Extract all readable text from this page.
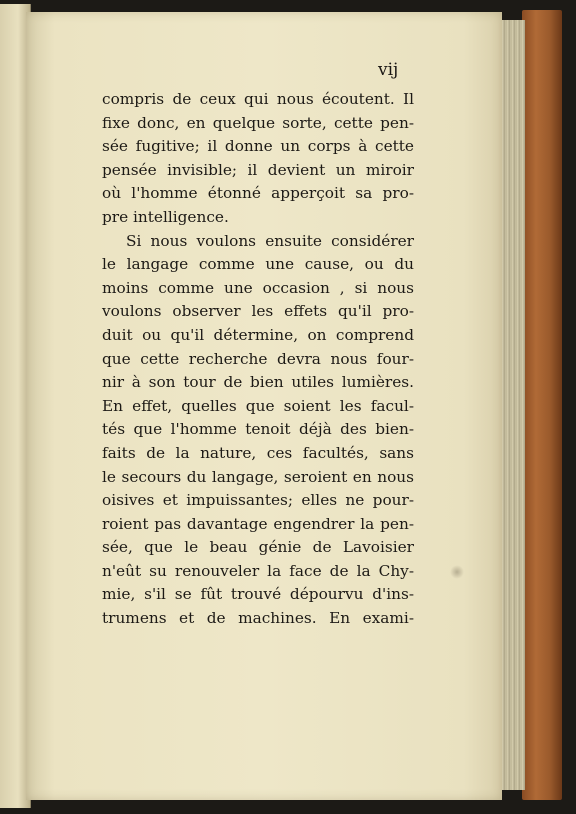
vij
compris de ceux qui nous écoutent. Il
fixe donc, en quelque sorte, cette pen-
sée fugitive; il donne un corps à cette
pensée invisible; il devient un miroir
où l'homme étonné apperçoit sa pro-
pre intelligence.
Si nous voulons ensuite considérer
le langage comme une cause, ou du
moins comme une occasion , si nous
voulons observer les effets qu'il pro-
duit ou qu'il détermine, on comprend
que cette recherche devra nous four-
nir à son tour de bien utiles lumières.
En effet, quelles que soient les facul-
tés que l'homme tenoit déjà des bien-
faits de la nature, ces facultés, sans
le secours du langage, seroient en nous
oisives et impuissantes; elles ne pour-
roient pas davantage engendrer la pen-
sée, que le beau génie de Lavoisier
n'eût su renouveler la face de la Chy-
mie, s'il se fût trouvé dépourvu d'ins-
trumens et de machines. En exami-
